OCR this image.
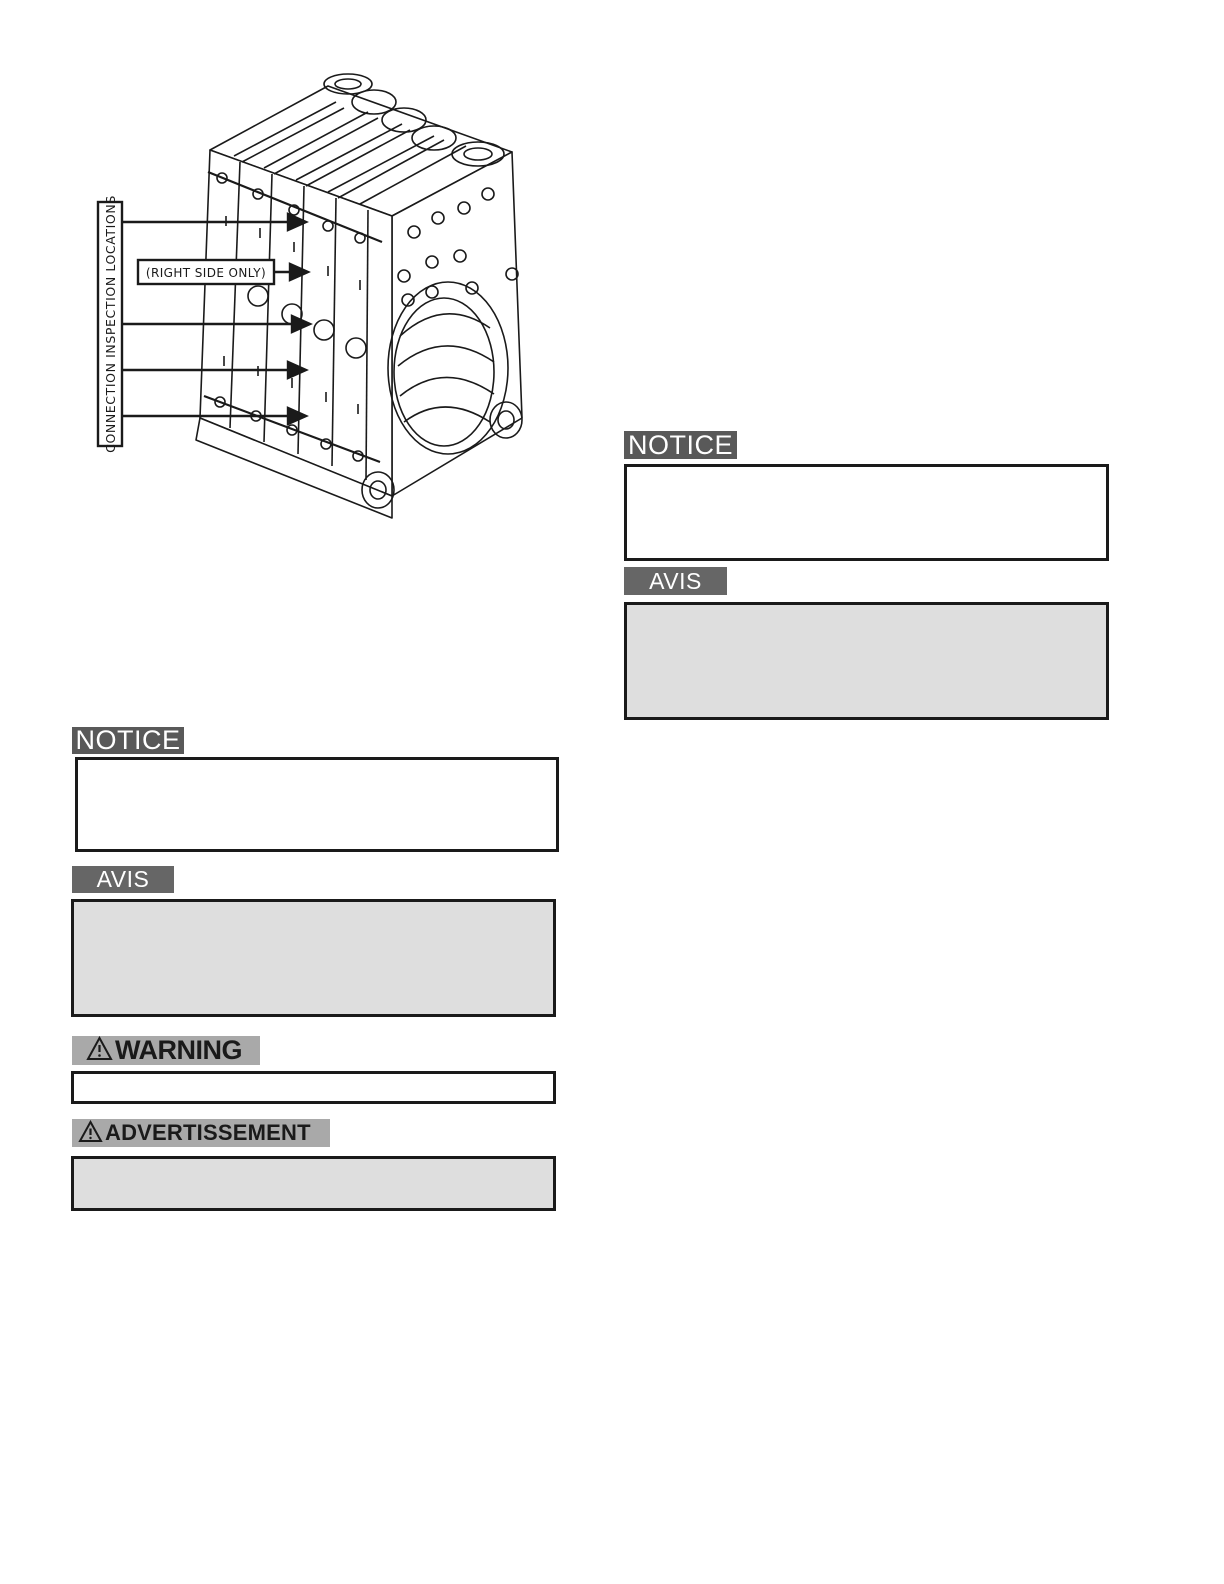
CONNECTION INSPECTION LOCATIONS (RIGHT SIDE ONLY)
NOTICE
AVIS
WARNING
ADVERTISSEMENT
NOTICE
AVIS
